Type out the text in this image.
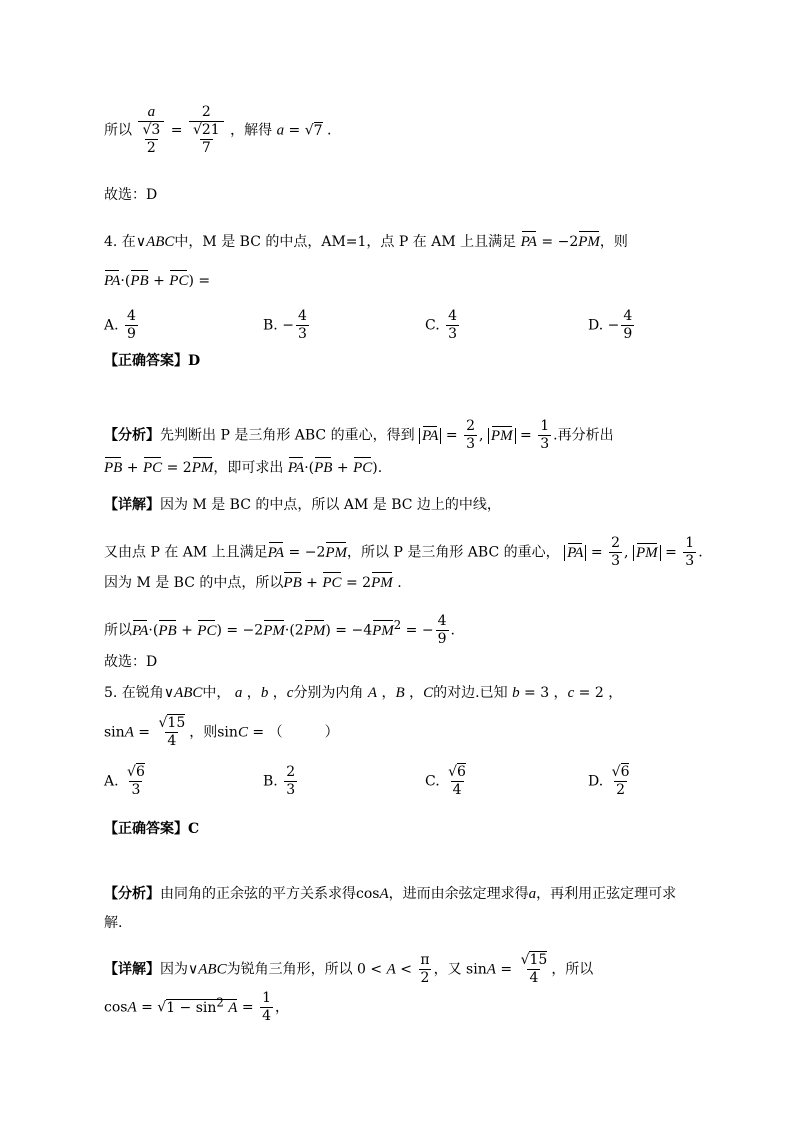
所以 $\frac{a}{\frac{√3}{2}} = \frac{2}{\frac{√21}{7}}$ ，解得 a = √7 .
故选：D
4. 在∨ABC中，M 是 BC 的中点，AM=1，点 P 在 AM 上且满足 PA = −2PM，则
PA·(PB + PC) =
A. $\frac{4}{9}$	B. − $\frac{4}{3}$	C. $\frac{4}{3}$	D. − $\frac{4}{9}$
【正确答案】D
【分析】先判断出 P 是三角形 ABC 的重心，得到 PA = $\frac{2}{3}$ , PM = $\frac{1}{3}$ .再分析出
PB + PC = 2PM，即可求出 PA·(PB + PC).
【详解】因为 M 是 BC 的中点，所以 AM 是 BC 边上的中线，
又由点 P 在 AM 上且满足PA = −2PM，所以 P 是三角形 ABC 的重心， PA = $\frac{2}{3}$ , PM = $\frac{1}{3}$ .
因为 M 是 BC 的中点，所以PB + PC = 2PM .
所以$PA\cdot(PB + PC) = -2PM\cdot(2PM) = -4PM^2$ = − $\frac{4}{9}$ .
故选：D
5. 在锐角∨ABC中， a ，b ，c分别为内角 A ，B ，C的对边.已知 b = 3 ，c = 2 ，
$\sin A = \frac{√15}{4}$ ，则sinC = （　　　）
A. $\frac{√6}{3}$	B. $\frac{2}{3}$	C. $\frac{√6}{4}$	D. $\frac{√6}{2}$
【正确答案】C
【分析】由同角的正余弦的平方关系求得cosA，进而由余弦定理求得a，再利用正弦定理可求
解.
【详解】因为∨ABC为锐角三角形，所以 $0 < A < \frac{\pi}{2}$ ，又 $\sin A = \frac{√15}{4}$ ，所以
$\cos A = √1 - \sin^2 A = \frac{1}{4}$ ，
